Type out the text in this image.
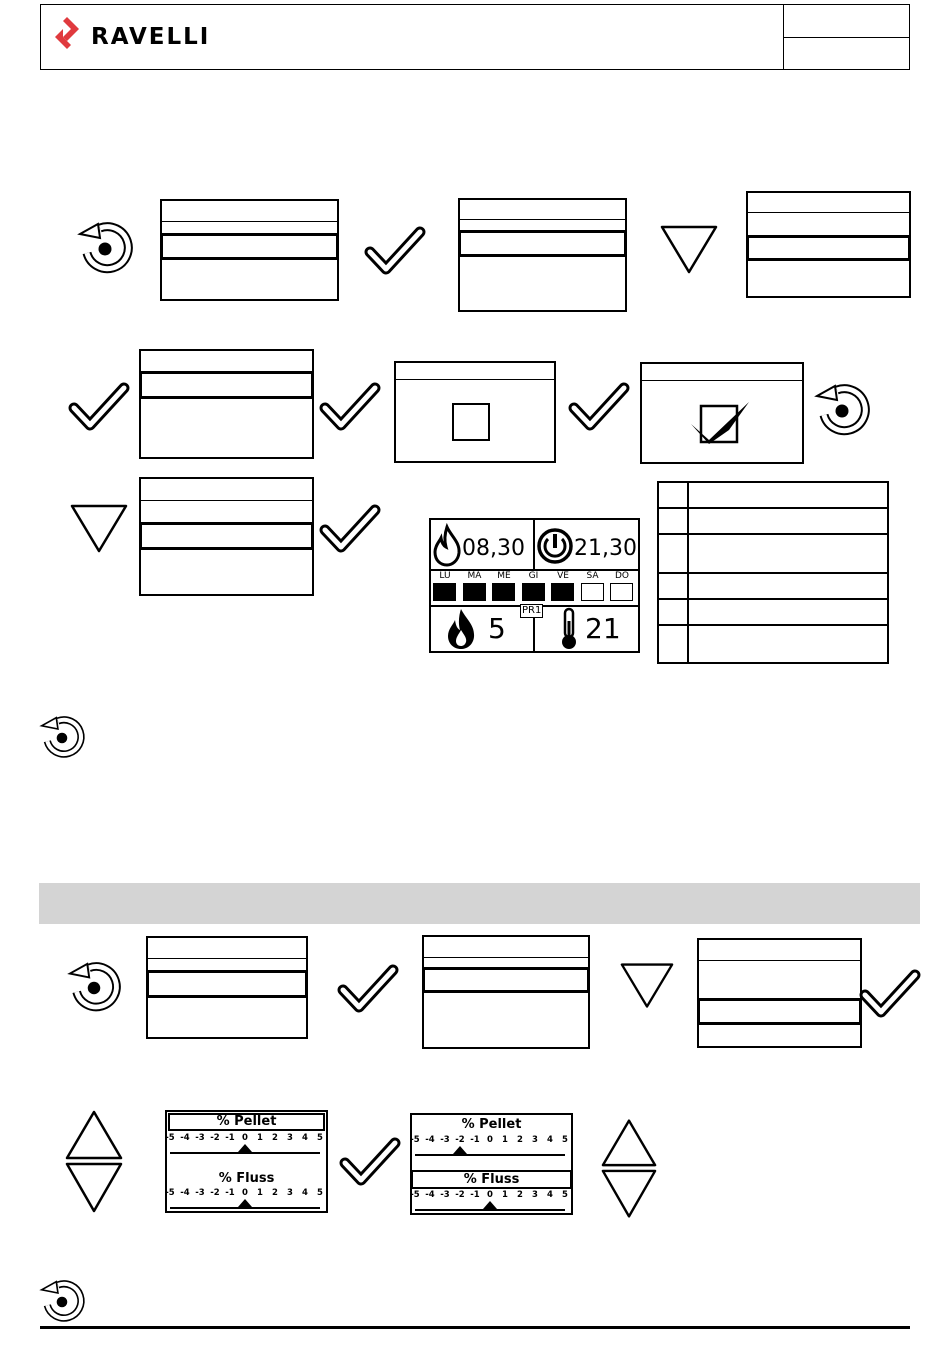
RAVELLI
08,30 21,30
LU	MA	ME	GI	VE	SA	DO
5
PR1
21
% Pellet
-5 -4 -3 -2 -1 0	1	2	3	4	5
% Fluss
-5 -4 -3 -2 -1 0	1	2	3	4	5
% Pellet
-5 -4 -3 -2 -1 0	1	2	3	4	5
% Fluss
-5 -4 -3 -2 -1 0	1	2	3	4	5
